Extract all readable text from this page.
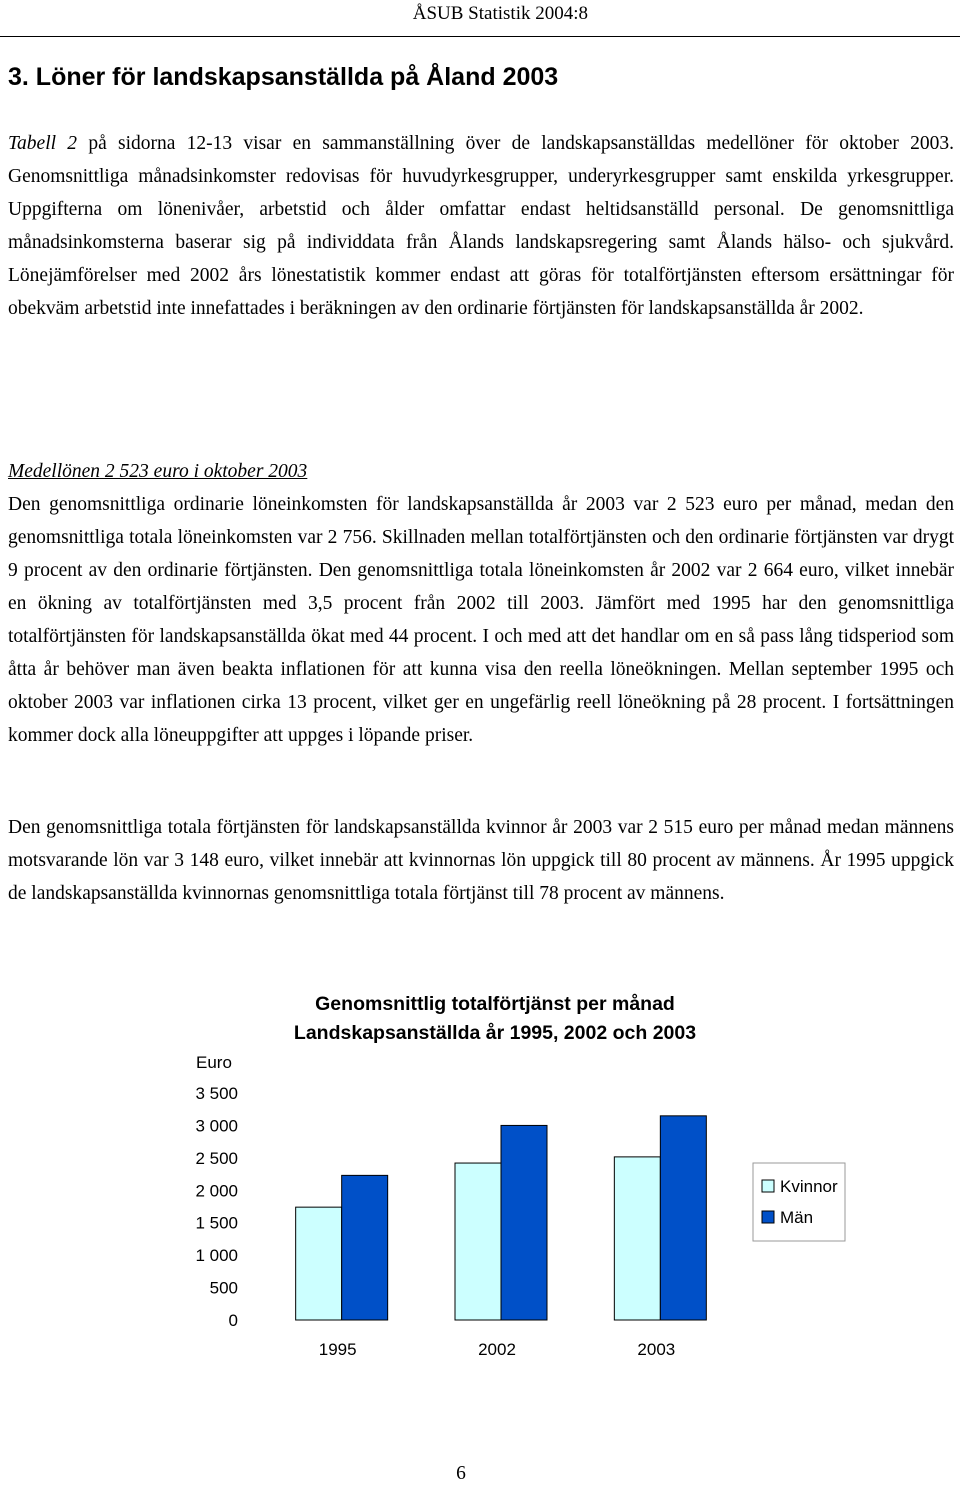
ÅSUB Statistik 2004:8
3. Löner för landskapsanställda på Åland 2003

Tabell 2 på sidorna 12-13 visar en sammanställning över de landskapsanställdas medellöner för oktober 2003. Genomsnittliga månadsinkomster redovisas för huvudyrkesgrupper, underyrkesgrupper samt enskilda yrkesgrupper. Uppgifterna om lönenivåer, arbetstid och ålder omfattar endast heltidsanställd personal. De genomsnittliga månadsinkomsterna baserar sig på individdata från Ålands landskapsregering samt Ålands hälso- och sjukvård. Lönejämförelser med 2002 års lönestatistik kommer endast att göras för totalförtjänsten eftersom ersättningar för obekväm arbetstid inte innefattades i beräkningen av den ordinarie förtjänsten för landskapsanställda år 2002.

Medellönen 2 523 euro i oktober 2003
Den genomsnittliga ordinarie löneinkomsten för landskapsanställda år 2003 var 2 523 euro per månad, medan den genomsnittliga totala löneinkomsten var 2 756. Skillnaden mellan totalförtjänsten och den ordinarie förtjänsten var drygt 9 procent av den ordinarie förtjänsten. Den genomsnittliga totala löneinkomsten år 2002 var 2 664 euro, vilket innebär en ökning av totalförtjänsten med 3,5 procent från 2002 till 2003. Jämfört med 1995 har den genomsnittliga totalförtjänsten för landskapsanställda ökat med 44 procent. I och med att det handlar om en så pass lång tidsperiod som åtta år behöver man även beakta inflationen för att kunna visa den reella löneökningen. Mellan september 1995 och oktober 2003 var inflationen cirka 13 procent, vilket ger en ungefärlig reell löneökning på 28 procent. I fortsättningen kommer dock alla löneuppgifter att uppges i löpande priser.

Den genomsnittliga totala förtjänsten för landskapsanställda kvinnor år 2003 var 2 515 euro per månad medan männens motsvarande lön var 3 148 euro, vilket innebär att kvinnornas lön uppgick till 80 procent av männens. År 1995 uppgick de landskapsanställda kvinnornas genomsnittliga totala förtjänst till 78 procent av männens.

Genomsnittlig totalförtjänst per månad
Landskapsanställda år 1995, 2002 och 2003
Euro
0
500
1 000
1 500
2 000
2 500
3 000
3 500
1995	2002	2003
Kvinnor
Män
6
